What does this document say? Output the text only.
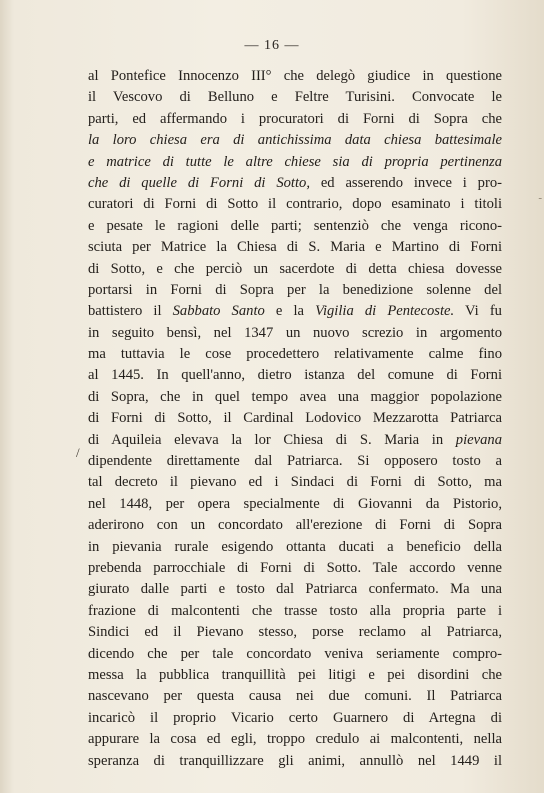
— 16 —
-
/
al Pontefice Innocenzo III° che delegò giudice in questione
il Vescovo di Belluno e Feltre Turisini. Convocate le
parti, ed affermando i procuratori di Forni di Sopra che
la loro chiesa era di antichissima data chiesa battesimale
e matrice di tutte le altre chiese sia di propria pertinenza
che di quelle di Forni di Sotto, ed asserendo invece i pro-
curatori di Forni di Sotto il contrario, dopo esaminato i titoli
e pesate le ragioni delle parti; sentenziò che venga ricono-
sciuta per Matrice la Chiesa di S. Maria e Martino di Forni
di Sotto, e che perciò un sacerdote di detta chiesa dovesse
portarsi in Forni di Sopra per la benedizione solenne del
battistero il Sabbato Santo e la Vigilia di Pentecoste. Vi fu
in seguito bensì, nel 1347 un nuovo screzio in argomento
ma tuttavia le cose procedettero relativamente calme fino
al 1445. In quell'anno, dietro istanza del comune di Forni
di Sopra, che in quel tempo avea una maggior popolazione
di Forni di Sotto, il Cardinal Lodovico Mezzarotta Patriarca
di Aquileia elevava la lor Chiesa di S. Maria in pievana
dipendente direttamente dal Patriarca. Si opposero tosto a
tal decreto il pievano ed i Sindaci di Forni di Sotto, ma
nel 1448, per opera specialmente di Giovanni da Pistorio,
aderirono con un concordato all'erezione di Forni di Sopra
in pievania rurale esigendo ottanta ducati a beneficio della
prebenda parrocchiale di Forni di Sotto. Tale accordo venne
giurato dalle parti e tosto dal Patriarca confermato. Ma una
frazione di malcontenti che trasse tosto alla propria parte i
Sindici ed il Pievano stesso, porse reclamo al Patriarca,
dicendo che per tale concordato veniva seriamente compro-
messa la pubblica tranquillità pei litigi e pei disordini che
nascevano per questa causa nei due comuni. Il Patriarca
incaricò il proprio Vicario certo Guarnero di Artegna di
appurare la cosa ed egli, troppo credulo ai malcontenti, nella
speranza di tranquillizzare gli animi, annullò nel 1449 il
